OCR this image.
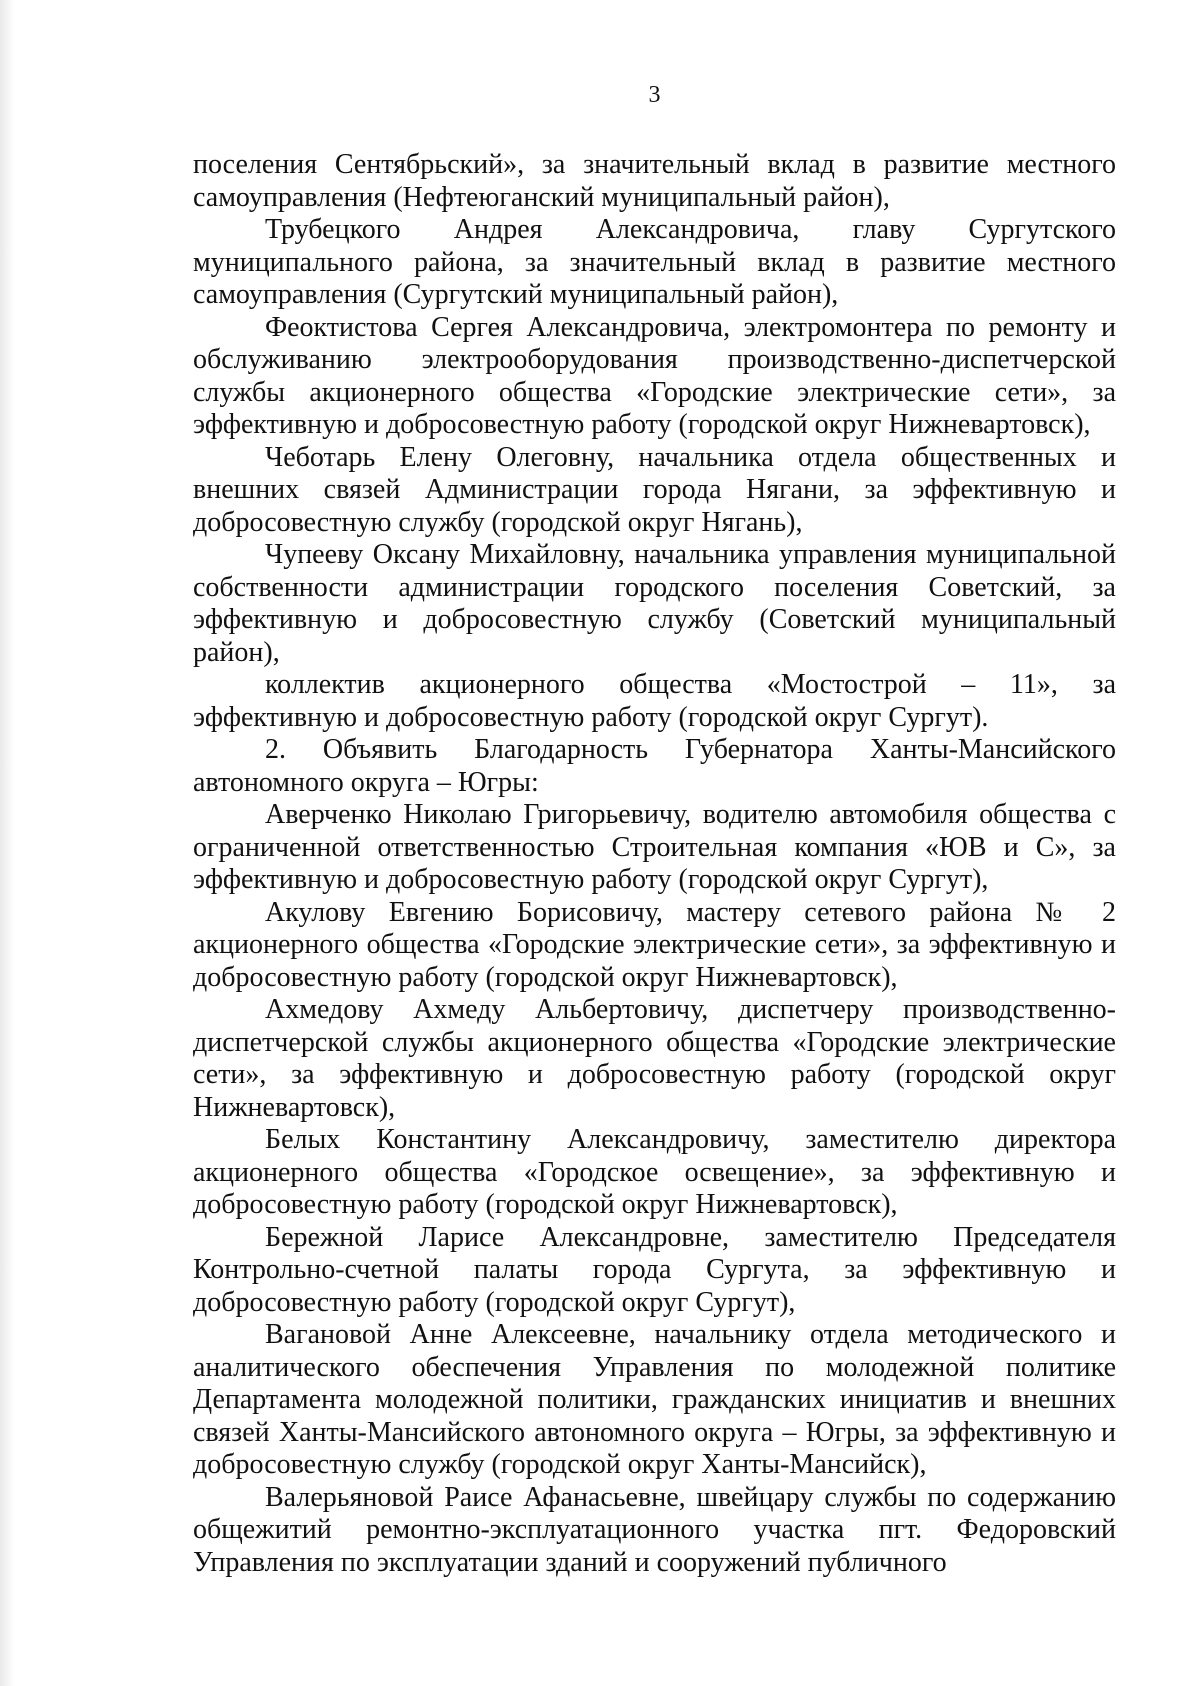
3

поселения Сентябрьский», за значительный вклад в развитие местного самоуправления (Нефтеюганский муниципальный район),

Трубецкого Андрея Александровича, главу Сургутского муниципального района, за значительный вклад в развитие местного самоуправления (Сургутский муниципальный район),

Феоктистова Сергея Александровича, электромонтера по ремонту и обслуживанию электрооборудования производственно-диспетчерской службы акционерного общества «Городские электрические сети», за эффективную и добросовестную работу (городской округ Нижневартовск),

Чеботарь Елену Олеговну, начальника отдела общественных и внешних связей Администрации города Нягани, за эффективную и добросовестную службу (городской округ Нягань),

Чупееву Оксану Михайловну, начальника управления муниципальной собственности администрации городского поселения Советский, за эффективную и добросовестную службу (Советский муниципальный район),

коллектив акционерного общества «Мостострой – 11», за эффективную и добросовестную работу (городской округ Сургут).

2. Объявить Благодарность Губернатора Ханты-Мансийского автономного округа – Югры:

Аверченко Николаю Григорьевичу, водителю автомобиля общества с ограниченной ответственностью Строительная компания «ЮВ и С», за эффективную и добросовестную работу (городской округ Сургут),

Акулову Евгению Борисовичу, мастеру сетевого района № 2 акционерного общества «Городские электрические сети», за эффективную и добросовестную работу (городской округ Нижневартовск),

Ахмедову Ахмеду Альбертовичу, диспетчеру производственно-диспетчерской службы акционерного общества «Городские электрические сети», за эффективную и добросовестную работу (городской округ Нижневартовск),

Белых Константину Александровичу, заместителю директора акционерного общества «Городское освещение», за эффективную и добросовестную работу (городской округ Нижневартовск),

Бережной Ларисе Александровне, заместителю Председателя Контрольно-счетной палаты города Сургута, за эффективную и добросовестную работу (городской округ Сургут),

Вагановой Анне Алексеевне, начальнику отдела методического и аналитического обеспечения Управления по молодежной политике Департамента молодежной политики, гражданских инициатив и внешних связей Ханты-Мансийского автономного округа – Югры, за эффективную и добросовестную службу (городской округ Ханты-Мансийск),

Валерьяновой Раисе Афанасьевне, швейцару службы по содержанию общежитий ремонтно-эксплуатационного участка пгт. Федоровский Управления по эксплуатации зданий и сооружений публичного
